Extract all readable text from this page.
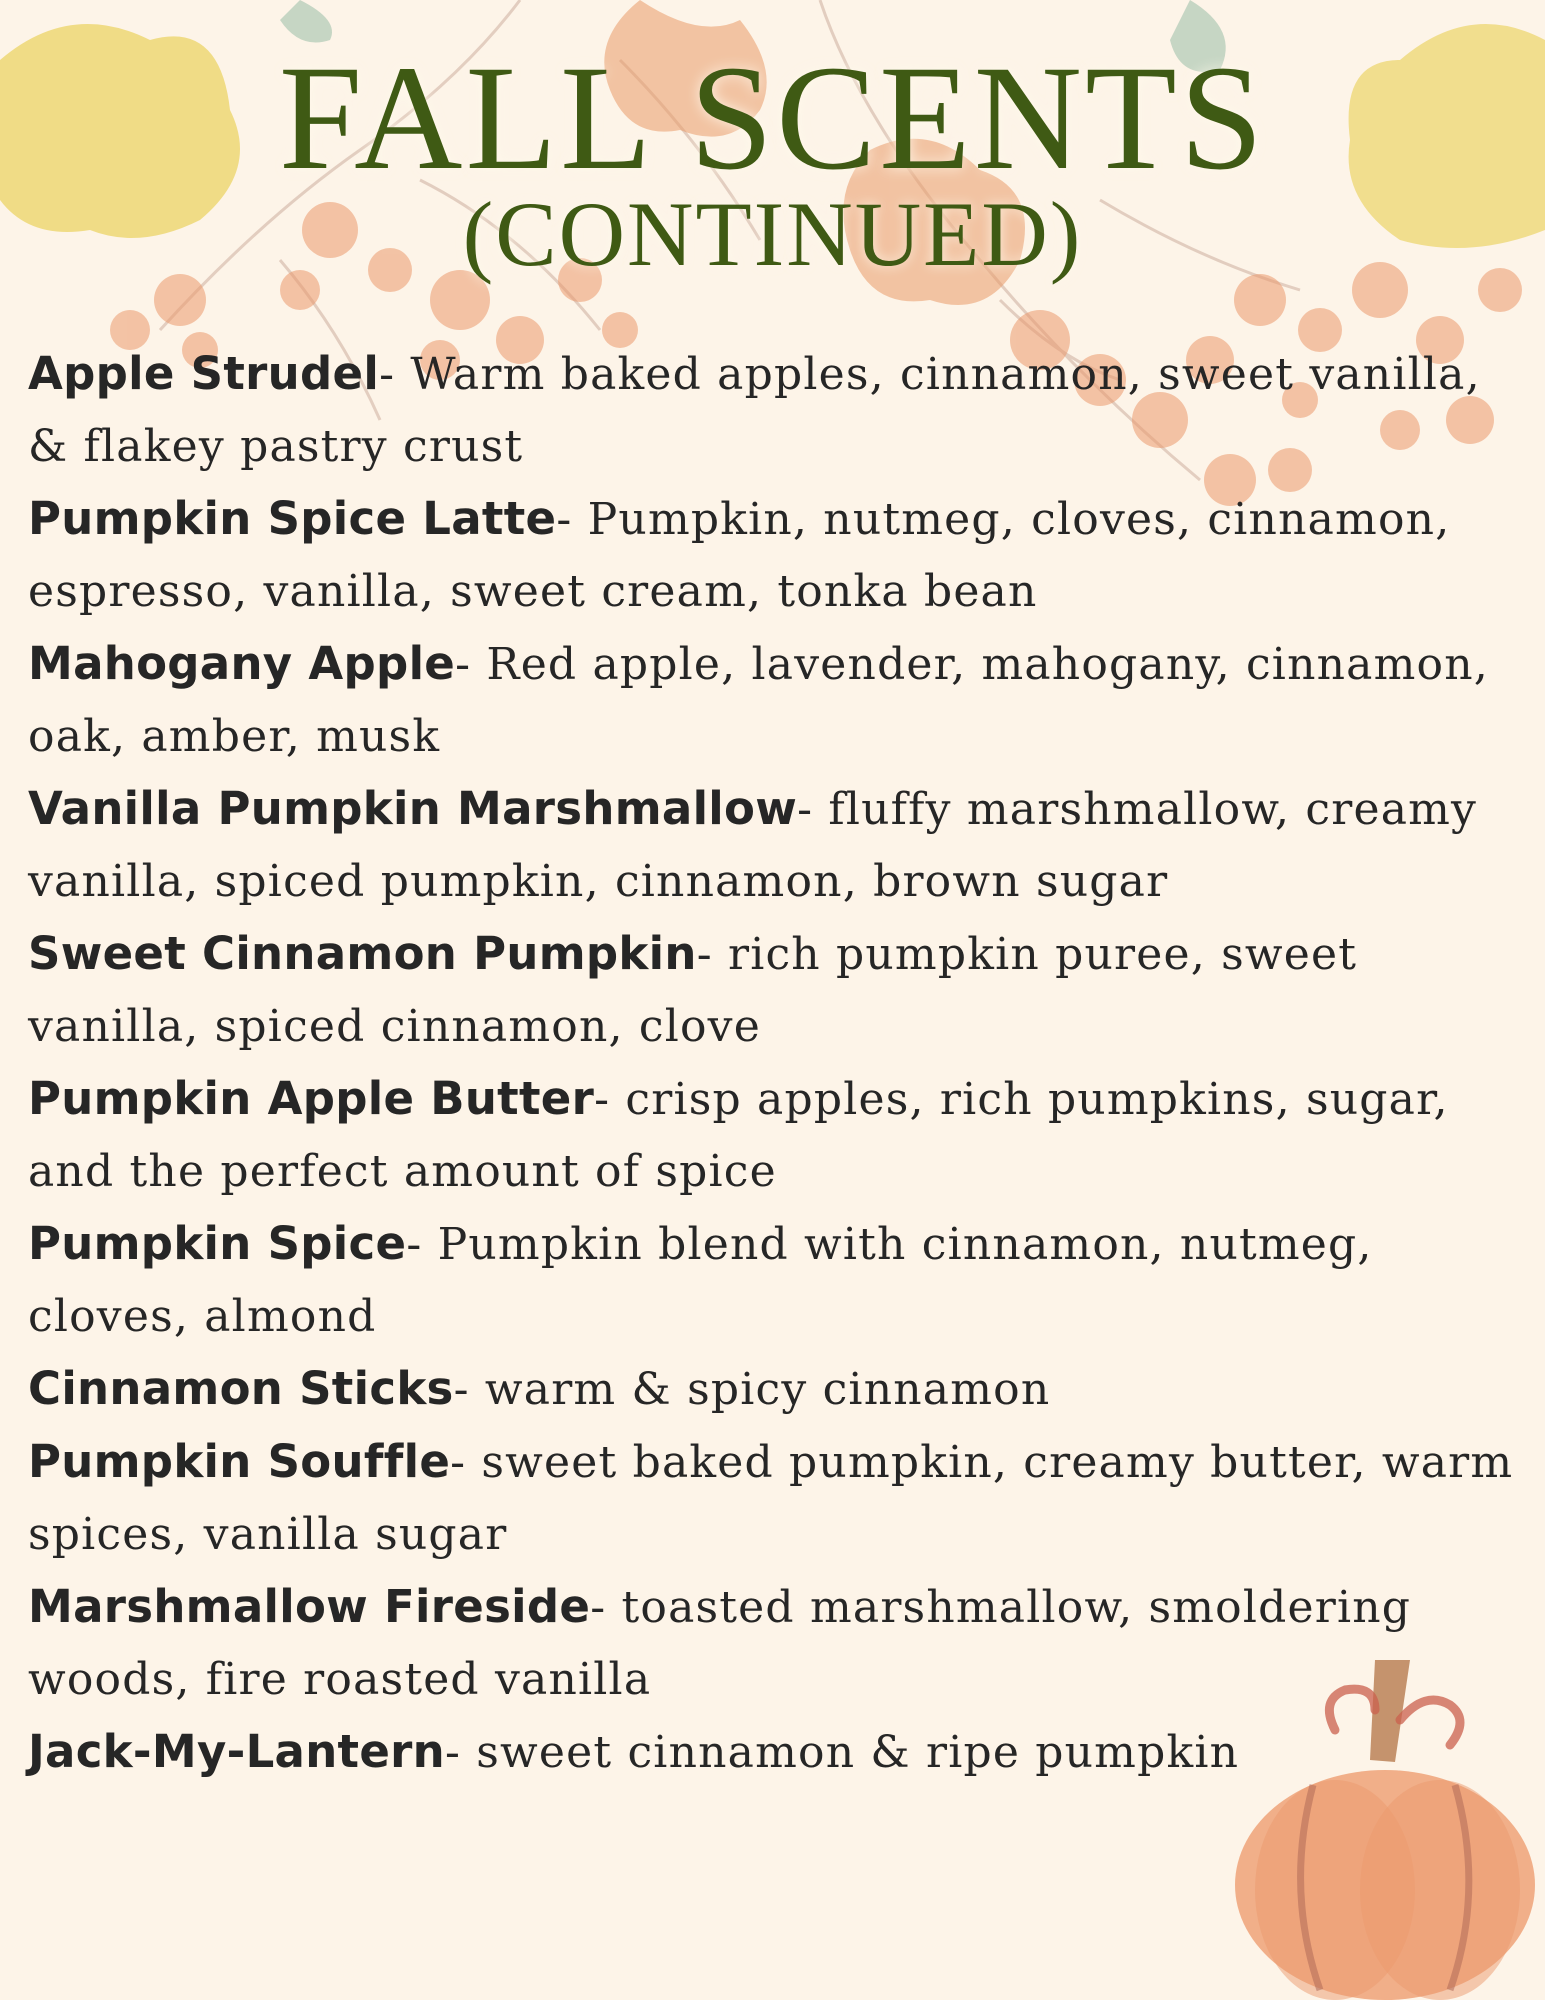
FALL SCENTS
(CONTINUED)

Apple Strudel- Warm baked apples, cinnamon, sweet vanilla, & flakey pastry crust

Pumpkin Spice Latte- Pumpkin, nutmeg, cloves, cinnamon, espresso, vanilla, sweet cream, tonka bean

Mahogany Apple- Red apple, lavender, mahogany, cinnamon, oak, amber, musk

Vanilla Pumpkin Marshmallow- fluffy marshmallow, creamy vanilla, spiced pumpkin, cinnamon, brown sugar

Sweet Cinnamon Pumpkin- rich pumpkin puree, sweet vanilla, spiced cinnamon, clove

Pumpkin Apple Butter- crisp apples, rich pumpkins, sugar, and the perfect amount of spice

Pumpkin Spice- Pumpkin blend with cinnamon, nutmeg, cloves, almond

Cinnamon Sticks- warm & spicy cinnamon

Pumpkin Souffle- sweet baked pumpkin, creamy butter, warm spices, vanilla sugar

Marshmallow Fireside- toasted marshmallow, smoldering woods, fire roasted vanilla

Jack-My-Lantern- sweet cinnamon & ripe pumpkin
